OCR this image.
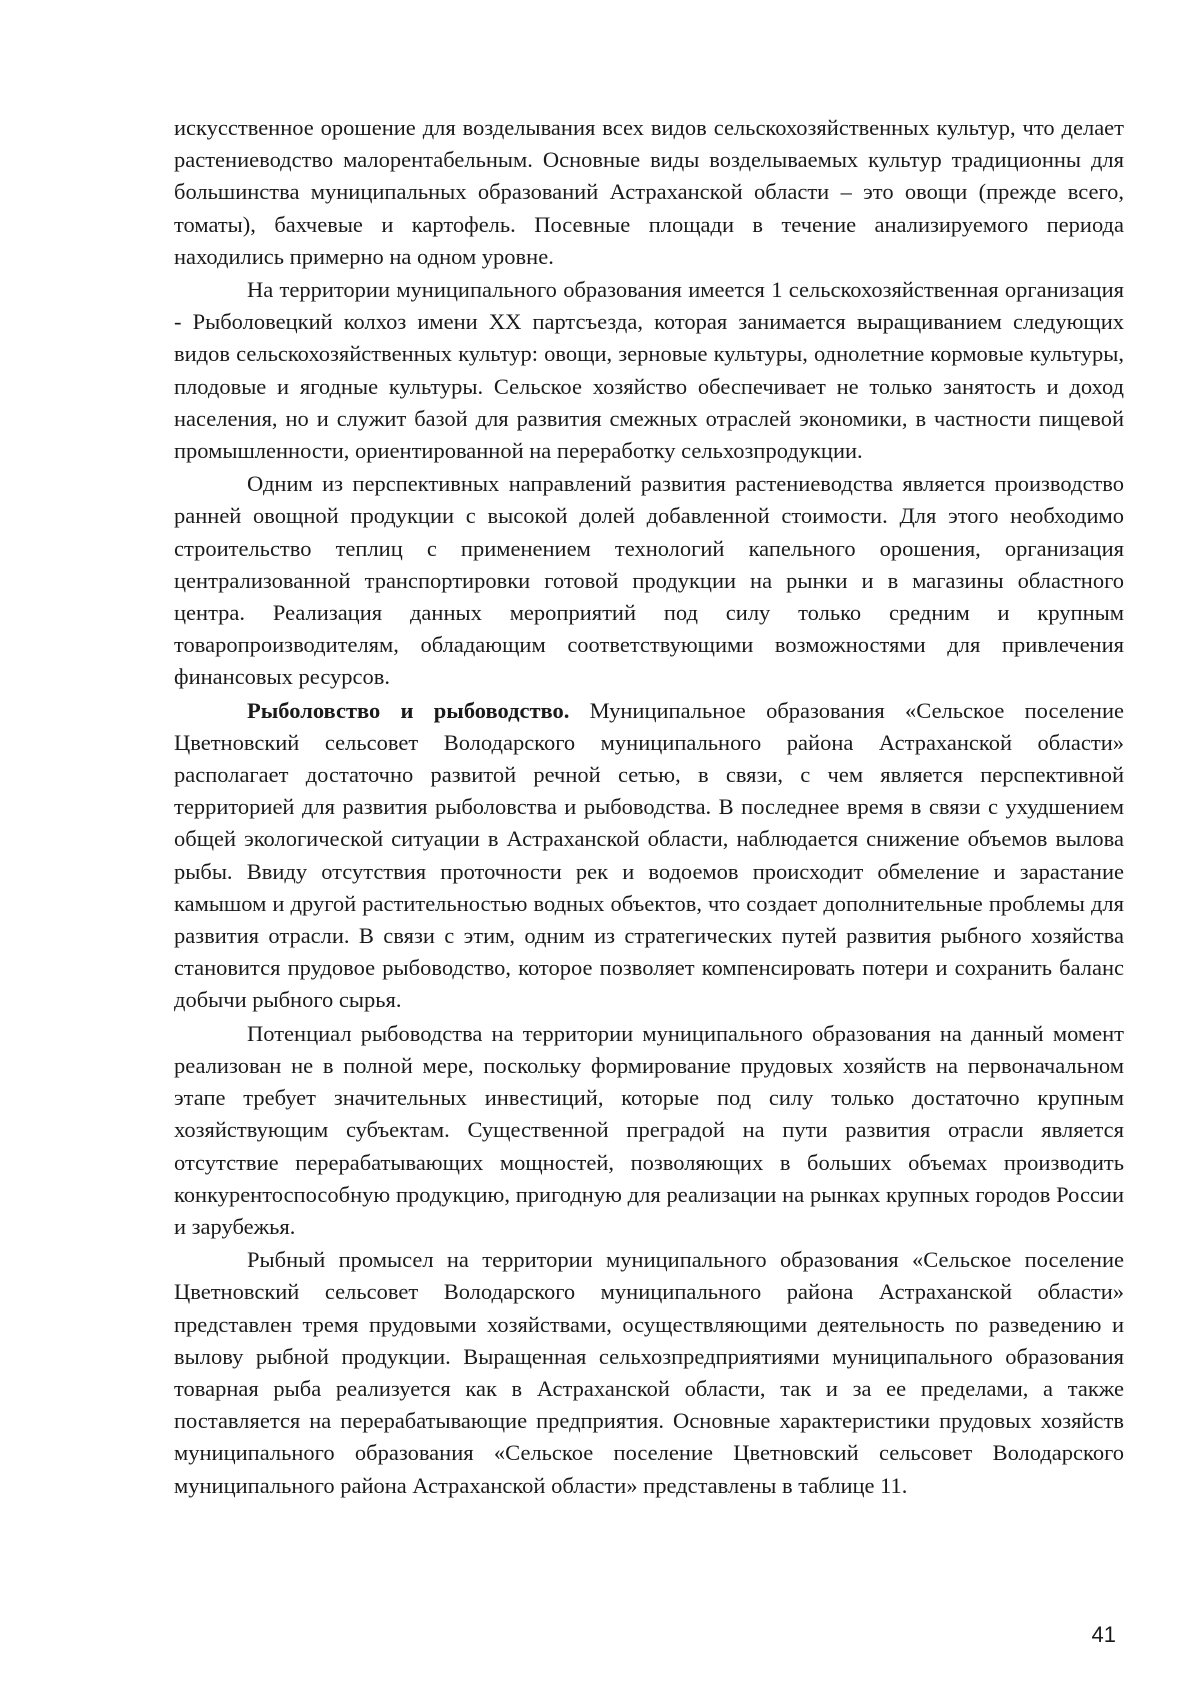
искусственное орошение для возделывания всех видов сельскохозяйственных культур, что делает растениеводство малорентабельным. Основные виды возделываемых культур традиционны для большинства муниципальных образований Астраханской области – это овощи (прежде всего, томаты), бахчевые и картофель. Посевные площади в течение анализируемого периода находились примерно на одном уровне.

На территории муниципального образования имеется 1 сельскохозяйственная организация - Рыболовецкий колхоз имени ХХ партсъезда, которая занимается выращиванием следующих видов сельскохозяйственных культур: овощи, зерновые культуры, однолетние кормовые культуры, плодовые и ягодные культуры. Сельское хозяйство обеспечивает не только занятость и доход населения, но и служит базой для развития смежных отраслей экономики, в частности пищевой промышленности, ориентированной на переработку сельхозпродукции.

Одним из перспективных направлений развития растениеводства является производство ранней овощной продукции с высокой долей добавленной стоимости. Для этого необходимо строительство теплиц с применением технологий капельного орошения, организация централизованной транспортировки готовой продукции на рынки и в магазины областного центра. Реализация данных мероприятий под силу только средним и крупным товаропроизводителям, обладающим соответствующими возможностями для привлечения финансовых ресурсов.

Рыболовство и рыбоводство. Муниципальное образования «Сельское поселение Цветновский сельсовет Володарского муниципального района Астраханской области» располагает достаточно развитой речной сетью, в связи, с чем является перспективной территорией для развития рыболовства и рыбоводства. В последнее время в связи с ухудшением общей экологической ситуации в Астраханской области, наблюдается снижение объемов вылова рыбы. Ввиду отсутствия проточности рек и водоемов происходит обмеление и зарастание камышом и другой растительностью водных объектов, что создает дополнительные проблемы для развития отрасли. В связи с этим, одним из стратегических путей развития рыбного хозяйства становится прудовое рыбоводство, которое позволяет компенсировать потери и сохранить баланс добычи рыбного сырья.

Потенциал рыбоводства на территории муниципального образования на данный момент реализован не в полной мере, поскольку формирование прудовых хозяйств на первоначальном этапе требует значительных инвестиций, которые под силу только достаточно крупным хозяйствующим субъектам. Существенной преградой на пути развития отрасли является отсутствие перерабатывающих мощностей, позволяющих в больших объемах производить конкурентоспособную продукцию, пригодную для реализации на рынках крупных городов России и зарубежья.

Рыбный промысел на территории муниципального образования «Сельское поселение Цветновский сельсовет Володарского муниципального района Астраханской области» представлен тремя прудовыми хозяйствами, осуществляющими деятельность по разведению и вылову рыбной продукции. Выращенная сельхозпредприятиями муниципального образования товарная рыба реализуется как в Астраханской области, так и за ее пределами, а также поставляется на перерабатывающие предприятия. Основные характеристики прудовых хозяйств муниципального образования «Сельское поселение Цветновский сельсовет Володарского муниципального района Астраханской области» представлены в таблице 11.

41
